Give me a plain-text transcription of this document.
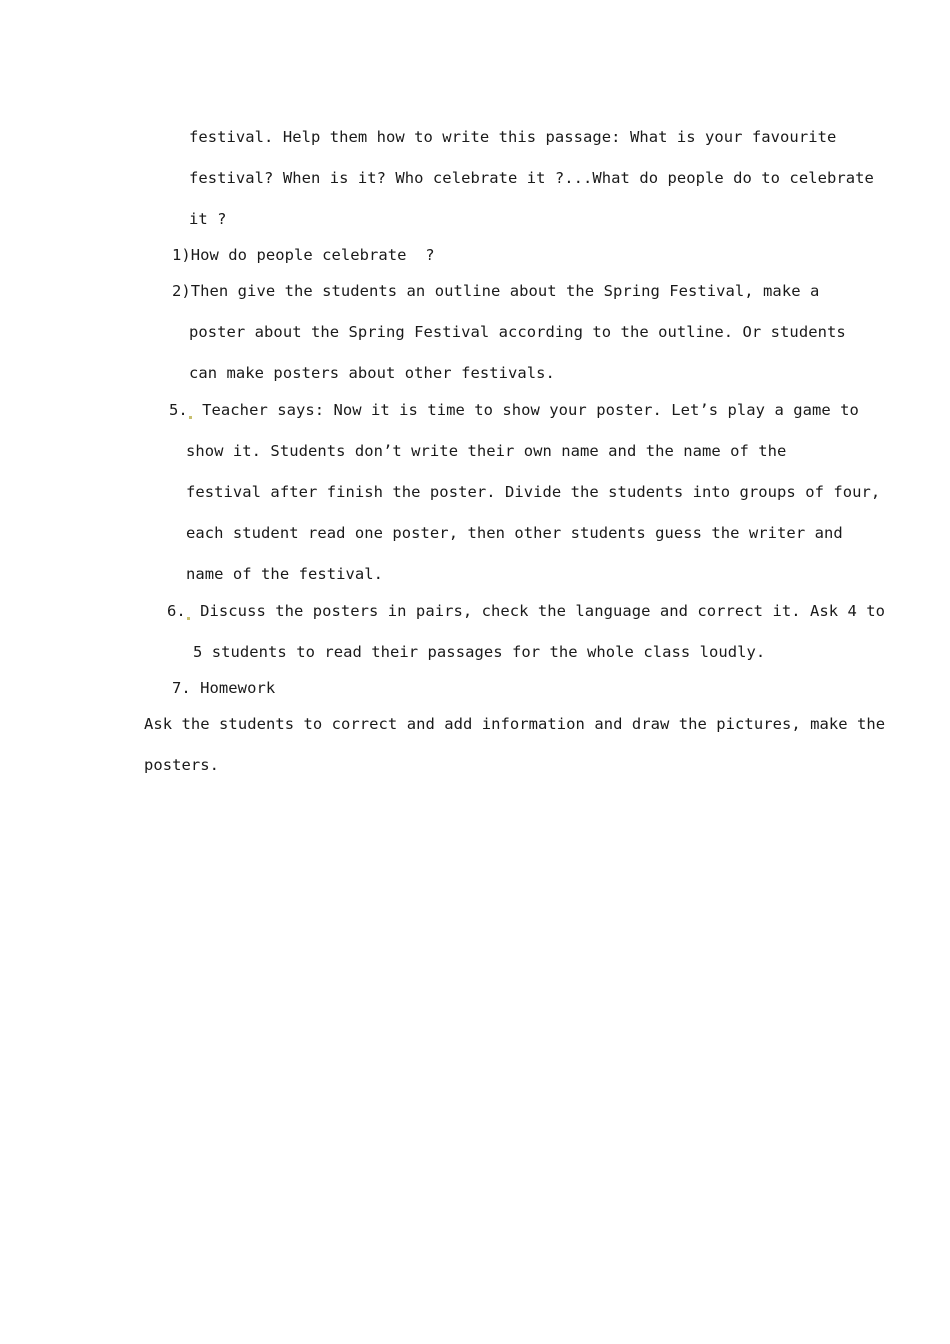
festival. Help them how to write this passage: What is your favourite
festival? When is it? Who celebrate it ?...What do people do to celebrate
it ?
1)How do people celebrate  ?
2)Then give the students an outline about the Spring Festival, make a
poster about the Spring Festival according to the outline. Or students
can make posters about other festivals.
5. Teacher says: Now it is time to show your poster. Let’s play a game to
show it. Students don’t write their own name and the name of the
festival after finish the poster. Divide the students into groups of four,
each student read one poster, then other students guess the writer and
name of the festival.
6. Discuss the posters in pairs, check the language and correct it. Ask 4 to
5 students to read their passages for the whole class loudly.
7. Homework
Ask the students to correct and add information and draw the pictures, make the
posters.
